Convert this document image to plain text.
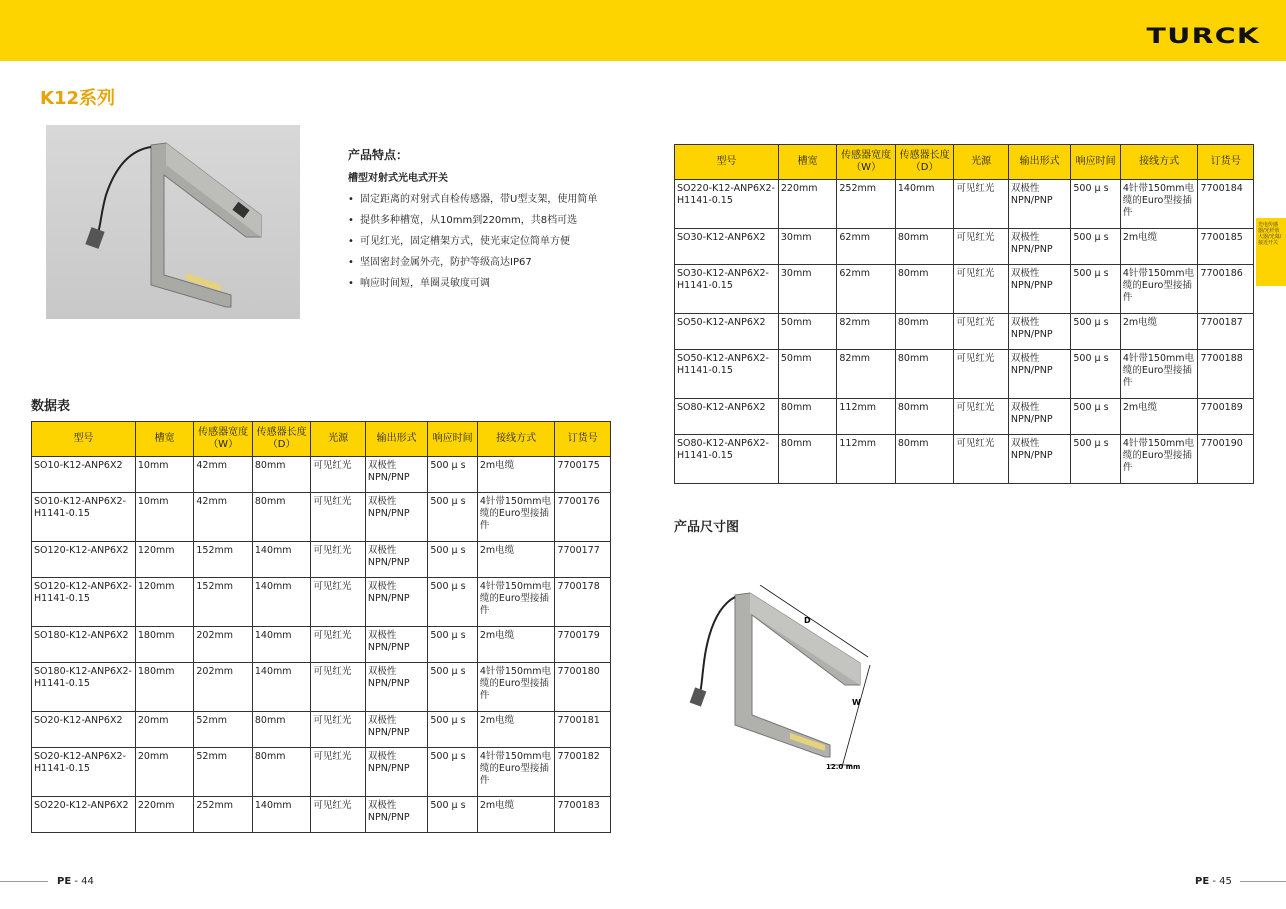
TURCK
K12系列
产品特点：
槽型对射式光电式开关
• 固定距离的对射式自检传感器，带U型支架，使用简单
• 提供多种槽宽，从10mm到220mm，共8档可选
• 可见红光，固定槽架方式，使光束定位简单方便
• 坚固密封金属外壳，防护等级高达IP67
• 响应时间短，单圈灵敏度可调
数据表
型号	槽宽	传感器宽度（W）	传感器长度（D）	光源	输出形式	响应时间	接线方式	订货号
SO10-K12-ANP6X2	10mm	42mm	80mm	可见红光	双极性NPN/PNP	500 μ s	2m电缆	7700175
SO10-K12-ANP6X2-H1141-0.15	10mm	42mm	80mm	可见红光	双极性NPN/PNP	500 μ s	4针带150mm电缆的Euro型接插件	7700176
SO120-K12-ANP6X2	120mm	152mm	140mm	可见红光	双极性NPN/PNP	500 μ s	2m电缆	7700177
SO120-K12-ANP6X2-H1141-0.15	120mm	152mm	140mm	可见红光	双极性NPN/PNP	500 μ s	4针带150mm电缆的Euro型接插件	7700178
SO180-K12-ANP6X2	180mm	202mm	140mm	可见红光	双极性NPN/PNP	500 μ s	2m电缆	7700179
SO180-K12-ANP6X2-H1141-0.15	180mm	202mm	140mm	可见红光	双极性NPN/PNP	500 μ s	4针带150mm电缆的Euro型接插件	7700180
SO20-K12-ANP6X2	20mm	52mm	80mm	可见红光	双极性NPN/PNP	500 μ s	2m电缆	7700181
SO20-K12-ANP6X2-H1141-0.15	20mm	52mm	80mm	可见红光	双极性NPN/PNP	500 μ s	4针带150mm电缆的Euro型接插件	7700182
SO220-K12-ANP6X2	220mm	252mm	140mm	可见红光	双极性NPN/PNP	500 μ s	2m电缆	7700183
型号	槽宽	传感器宽度（W）	传感器长度（D）	光源	输出形式	响应时间	接线方式	订货号
SO220-K12-ANP6X2-H1141-0.15	220mm	252mm	140mm	可见红光	双极性NPN/PNP	500 μ s	4针带150mm电缆的Euro型接插件	7700184
SO30-K12-ANP6X2	30mm	62mm	80mm	可见红光	双极性NPN/PNP	500 μ s	2m电缆	7700185
SO30-K12-ANP6X2-H1141-0.15	30mm	62mm	80mm	可见红光	双极性NPN/PNP	500 μ s	4针带150mm电缆的Euro型接插件	7700186
SO50-K12-ANP6X2	50mm	82mm	80mm	可见红光	双极性NPN/PNP	500 μ s	2m电缆	7700187
SO50-K12-ANP6X2-H1141-0.15	50mm	82mm	80mm	可见红光	双极性NPN/PNP	500 μ s	4针带150mm电缆的Euro型接插件	7700188
SO80-K12-ANP6X2	80mm	112mm	80mm	可见红光	双极性NPN/PNP	500 μ s	2m电缆	7700189
SO80-K12-ANP6X2-H1141-0.15	80mm	112mm	80mm	可见红光	双极性NPN/PNP	500 μ s	4针带150mm电缆的Euro型接插件	7700190
光电传感器/光纤放大器/光幕/接近开关
产品尺寸图
D
W
12.0 mm
PE - 44	PE - 45
